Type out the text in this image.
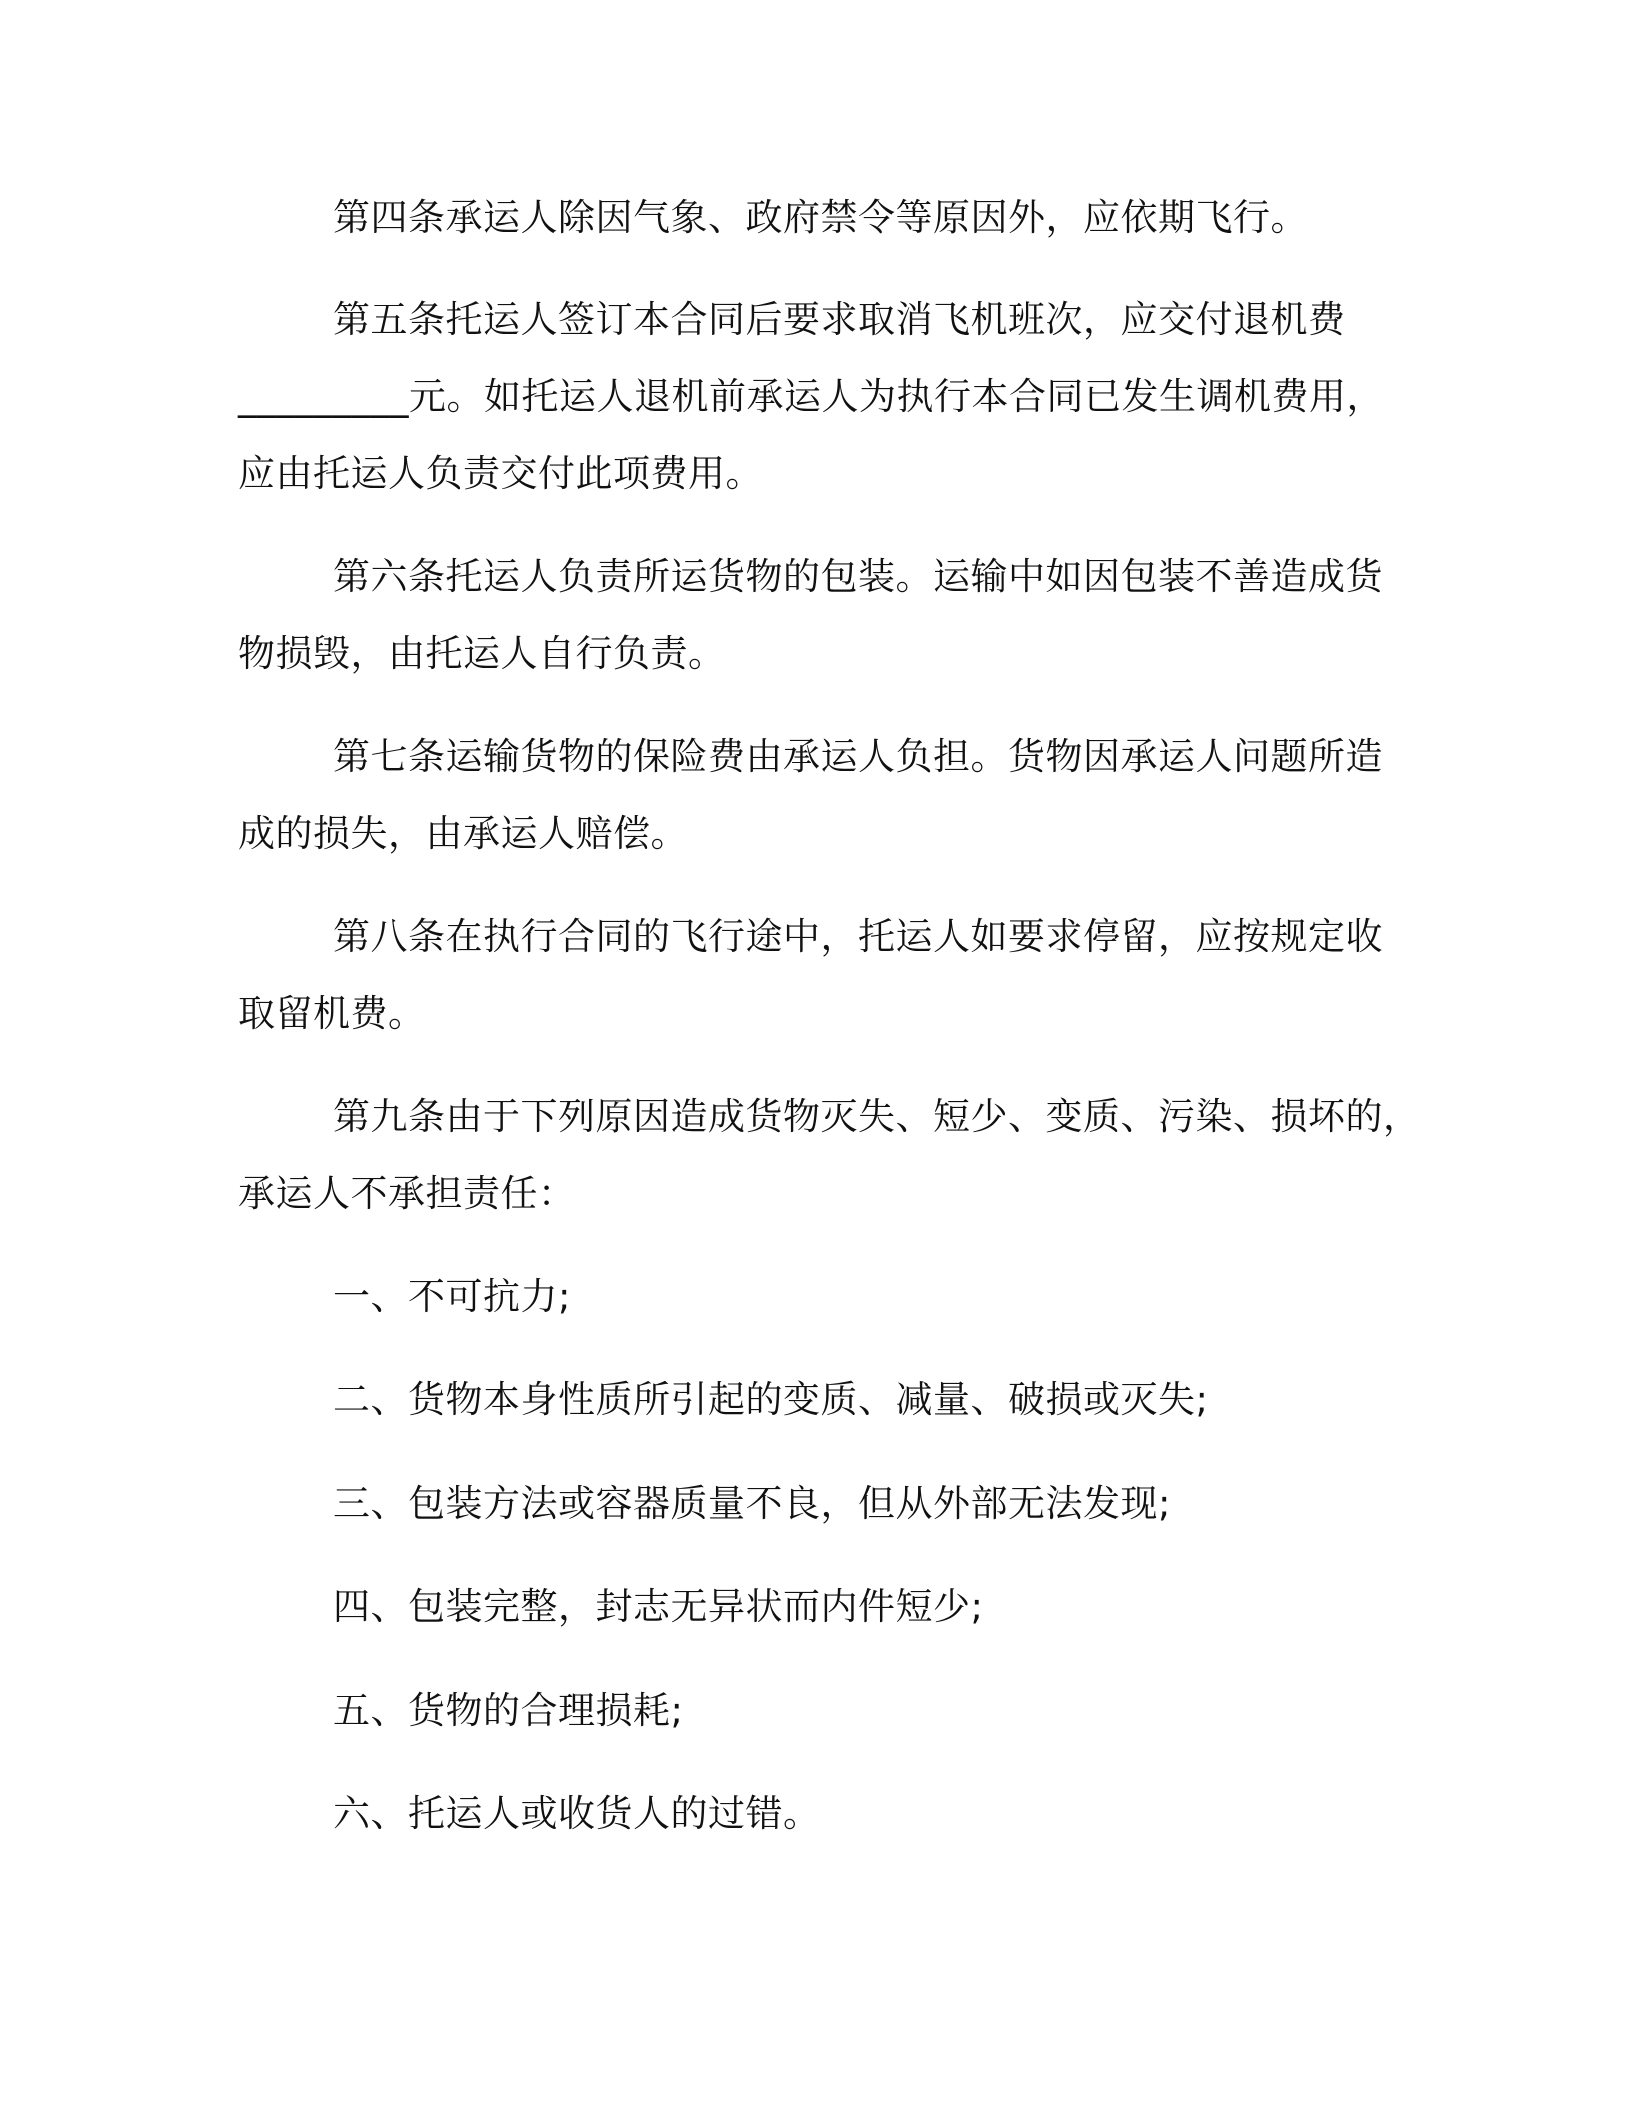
第四条承运人除因气象、政府禁令等原因外，应依期飞行。
第五条托运人签订本合同后要求取消飞机班次，应交付退机费
_________元。如托运人退机前承运人为执行本合同已发生调机费用，
应由托运人负责交付此项费用。
第六条托运人负责所运货物的包装。运输中如因包装不善造成货
物损毁，由托运人自行负责。
第七条运输货物的保险费由承运人负担。货物因承运人问题所造
成的损失，由承运人赔偿。
第八条在执行合同的飞行途中，托运人如要求停留，应按规定收
取留机费。
第九条由于下列原因造成货物灭失、短少、变质、污染、损坏的，
承运人不承担责任：
一、不可抗力;
二、货物本身性质所引起的变质、减量、破损或灭失;
三、包装方法或容器质量不良，但从外部无法发现;
四、包装完整，封志无异状而内件短少;
五、货物的合理损耗;
六、托运人或收货人的过错。
